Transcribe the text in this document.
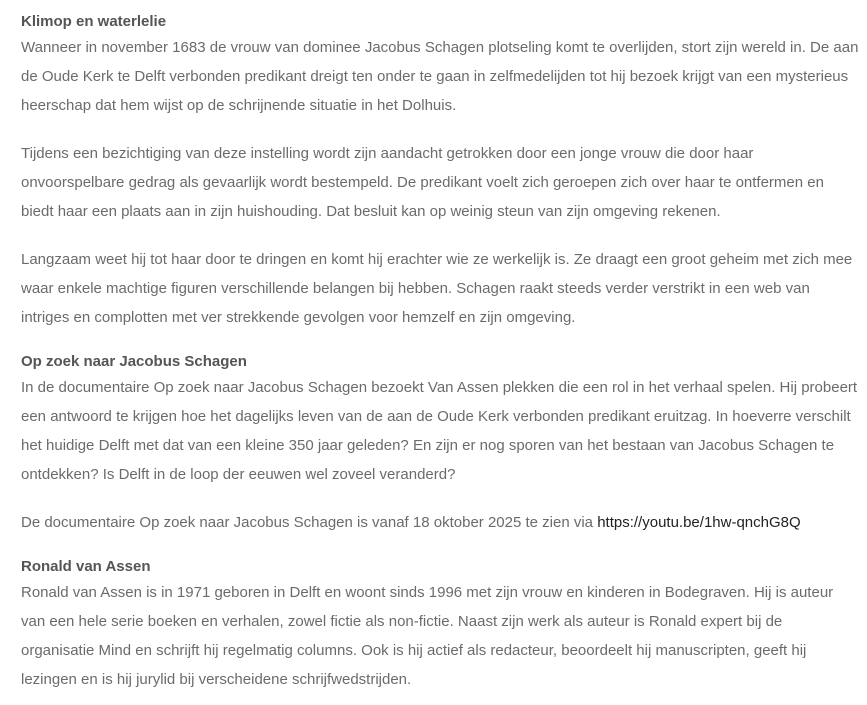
Klimop en waterlelie

Wanneer in november 1683 de vrouw van dominee Jacobus Schagen plotseling komt te overlijden, stort zijn wereld in. De aan de Oude Kerk te Delft verbonden predikant dreigt ten onder te gaan in zelfmedelijden tot hij bezoek krijgt van een mysterieus heerschap dat hem wijst op de schrijnende situatie in het Dolhuis.

Tijdens een bezichtiging van deze instelling wordt zijn aandacht getrokken door een jonge vrouw die door haar onvoorspelbare gedrag als gevaarlijk wordt bestempeld. De predikant voelt zich geroepen zich over haar te ontfermen en biedt haar een plaats aan in zijn huishouding. Dat besluit kan op weinig steun van zijn omgeving rekenen.

Langzaam weet hij tot haar door te dringen en komt hij erachter wie ze werkelijk is. Ze draagt een groot geheim met zich mee waar enkele machtige figuren verschillende belangen bij hebben. Schagen raakt steeds verder verstrikt in een web van intriges en complotten met ver strekkende gevolgen voor hemzelf en zijn omgeving.

Op zoek naar Jacobus Schagen

In de documentaire Op zoek naar Jacobus Schagen bezoekt Van Assen plekken die een rol in het verhaal spelen. Hij probeert een antwoord te krijgen hoe het dagelijks leven van de aan de Oude Kerk verbonden predikant eruitzag. In hoeverre verschilt het huidige Delft met dat van een kleine 350 jaar geleden? En zijn er nog sporen van het bestaan van Jacobus Schagen te ontdekken? Is Delft in de loop der eeuwen wel zoveel veranderd?

De documentaire Op zoek naar Jacobus Schagen is vanaf 18 oktober 2025 te zien via https://youtu.be/1hw-qnchG8Q

Ronald van Assen

Ronald van Assen is in 1971 geboren in Delft en woont sinds 1996 met zijn vrouw en kinderen in Bodegraven. Hij is auteur van een hele serie boeken en verhalen, zowel fictie als non-fictie. Naast zijn werk als auteur is Ronald expert bij de organisatie Mind en schrijft hij regelmatig columns. Ook is hij actief als redacteur, beoordeelt hij manuscripten, geeft hij lezingen en is hij jurylid bij verscheidene schrijfwedstrijden.
